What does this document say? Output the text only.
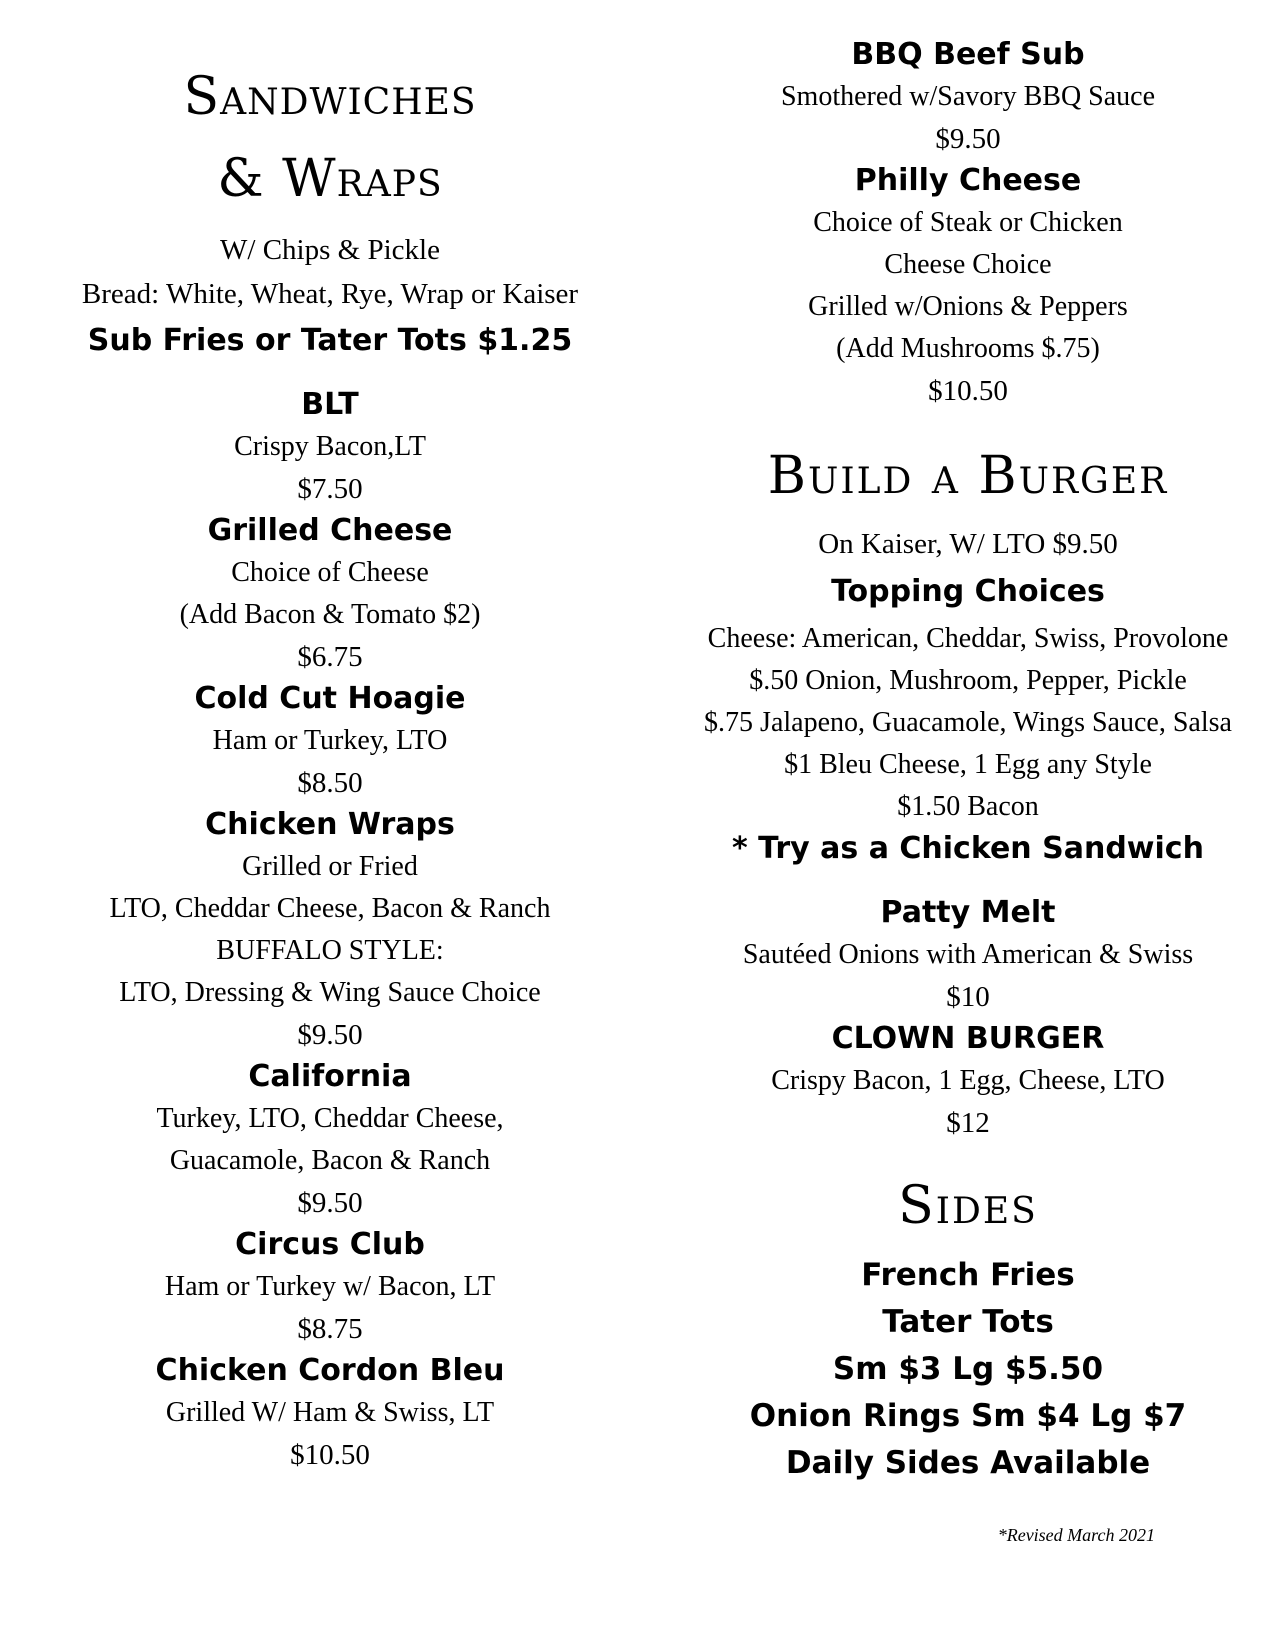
Sandwiches
& Wraps
W/ Chips & Pickle
Bread: White, Wheat, Rye, Wrap or Kaiser
Sub Fries or Tater Tots $1.25
BLT
Crispy Bacon,LT
$7.50
Grilled Cheese
Choice of Cheese
(Add Bacon & Tomato $2)
$6.75
Cold Cut Hoagie
Ham or Turkey, LTO
$8.50
Chicken Wraps
Grilled or Fried
LTO, Cheddar Cheese, Bacon & Ranch
BUFFALO STYLE:
LTO, Dressing & Wing Sauce Choice
$9.50
California
Turkey, LTO, Cheddar Cheese,
Guacamole, Bacon & Ranch
$9.50
Circus Club
Ham or Turkey w/ Bacon, LT
$8.75
Chicken Cordon Bleu
Grilled W/ Ham & Swiss, LT
$10.50
BBQ Beef Sub
Smothered w/Savory BBQ Sauce
$9.50
Philly Cheese
Choice of Steak or Chicken
Cheese Choice
Grilled w/Onions & Peppers
(Add Mushrooms $.75)
$10.50
Build a Burger
On Kaiser, W/ LTO $9.50
Topping Choices
Cheese: American, Cheddar, Swiss, Provolone
$.50 Onion, Mushroom, Pepper, Pickle
$.75 Jalapeno, Guacamole, Wings Sauce, Salsa
$1 Bleu Cheese, 1 Egg any Style
$1.50 Bacon
* Try as a Chicken Sandwich
Patty Melt
Sautéed Onions with American & Swiss
$10
CLOWN BURGER
Crispy Bacon, 1 Egg, Cheese, LTO
$12
Sides
French Fries
Tater Tots
Sm $3 Lg $5.50
Onion Rings Sm $4 Lg $7
Daily Sides Available
*Revised March 2021
